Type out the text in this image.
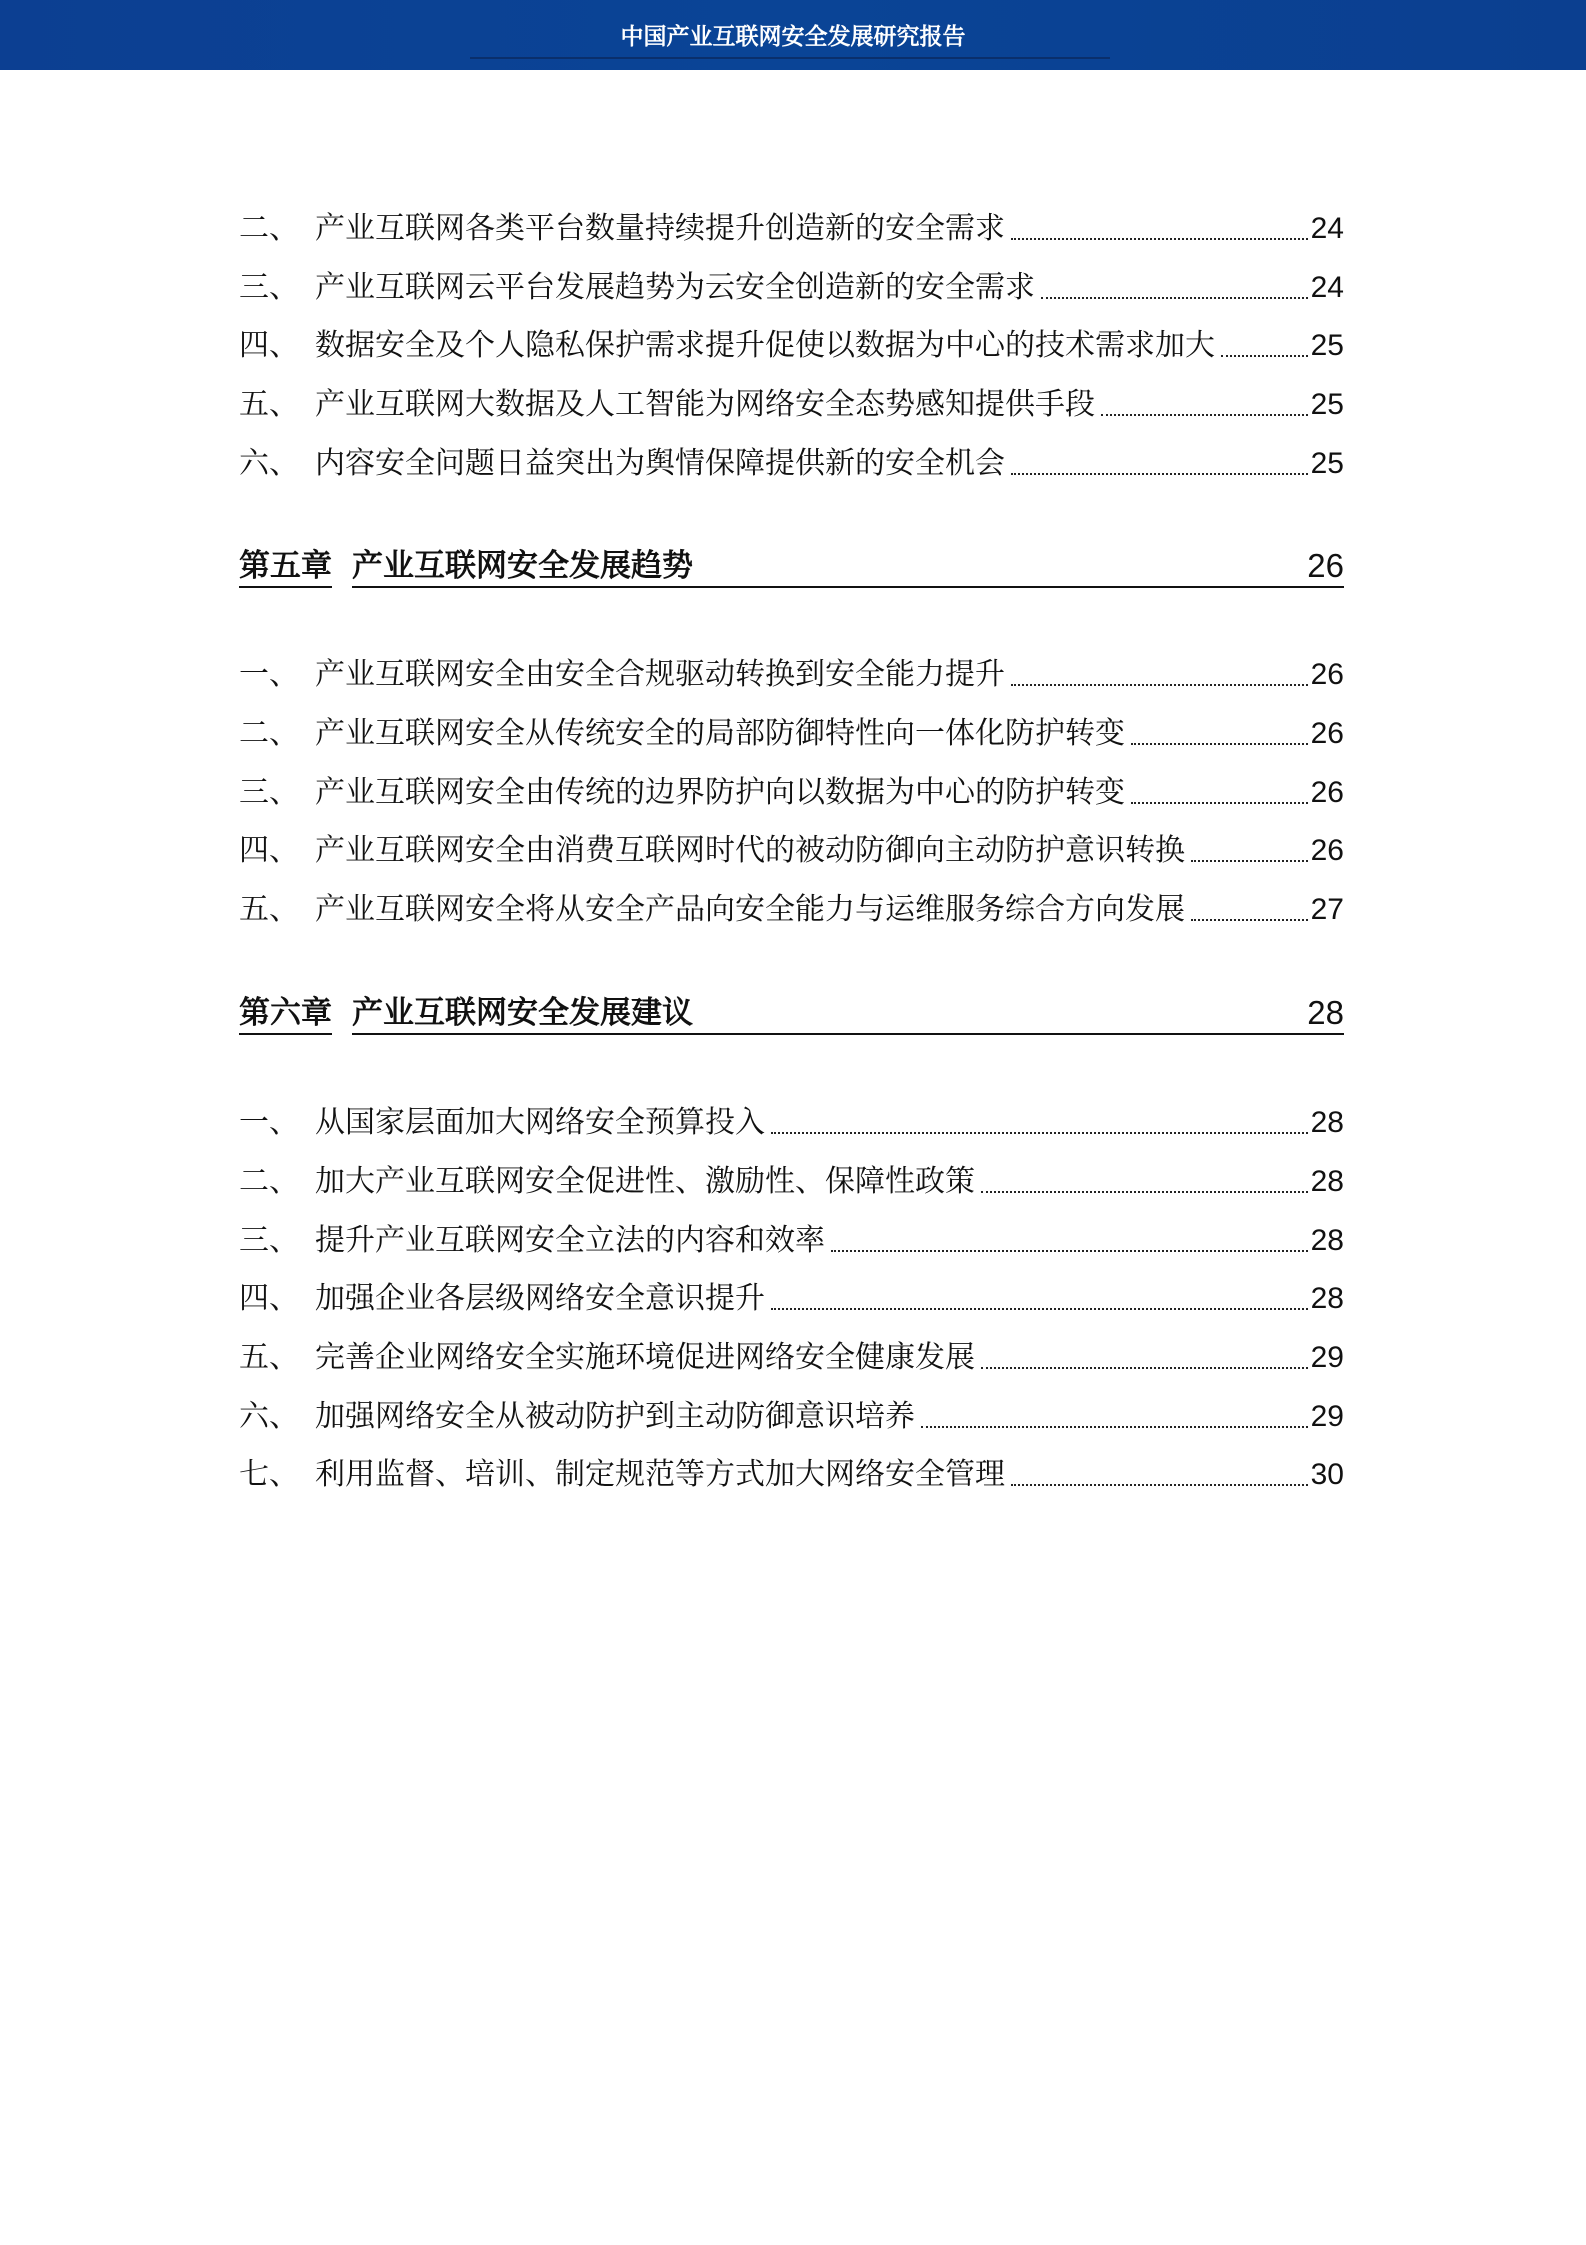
中国产业互联网安全发展研究报告
二、 产业互联网各类平台数量持续提升创造新的安全需求	24
三、 产业互联网云平台发展趋势为云安全创造新的安全需求	24
四、 数据安全及个人隐私保护需求提升促使以数据为中心的技术需求加大	25
五、 产业互联网大数据及人工智能为网络安全态势感知提供手段	25
六、 内容安全问题日益突出为舆情保障提供新的安全机会	25
第五章 产业互联网安全发展趋势	26
一、 产业互联网安全由安全合规驱动转换到安全能力提升	26
二、 产业互联网安全从传统安全的局部防御特性向一体化防护转变	26
三、 产业互联网安全由传统的边界防护向以数据为中心的防护转变	26
四、 产业互联网安全由消费互联网时代的被动防御向主动防护意识转换	26
五、 产业互联网安全将从安全产品向安全能力与运维服务综合方向发展	27
第六章 产业互联网安全发展建议	28
一、 从国家层面加大网络安全预算投入	28
二、 加大产业互联网安全促进性、激励性、保障性政策	28
三、 提升产业互联网安全立法的内容和效率	28
四、 加强企业各层级网络安全意识提升	28
五、 完善企业网络安全实施环境促进网络安全健康发展	29
六、 加强网络安全从被动防护到主动防御意识培养	29
七、 利用监督、培训、制定规范等方式加大网络安全管理	30
